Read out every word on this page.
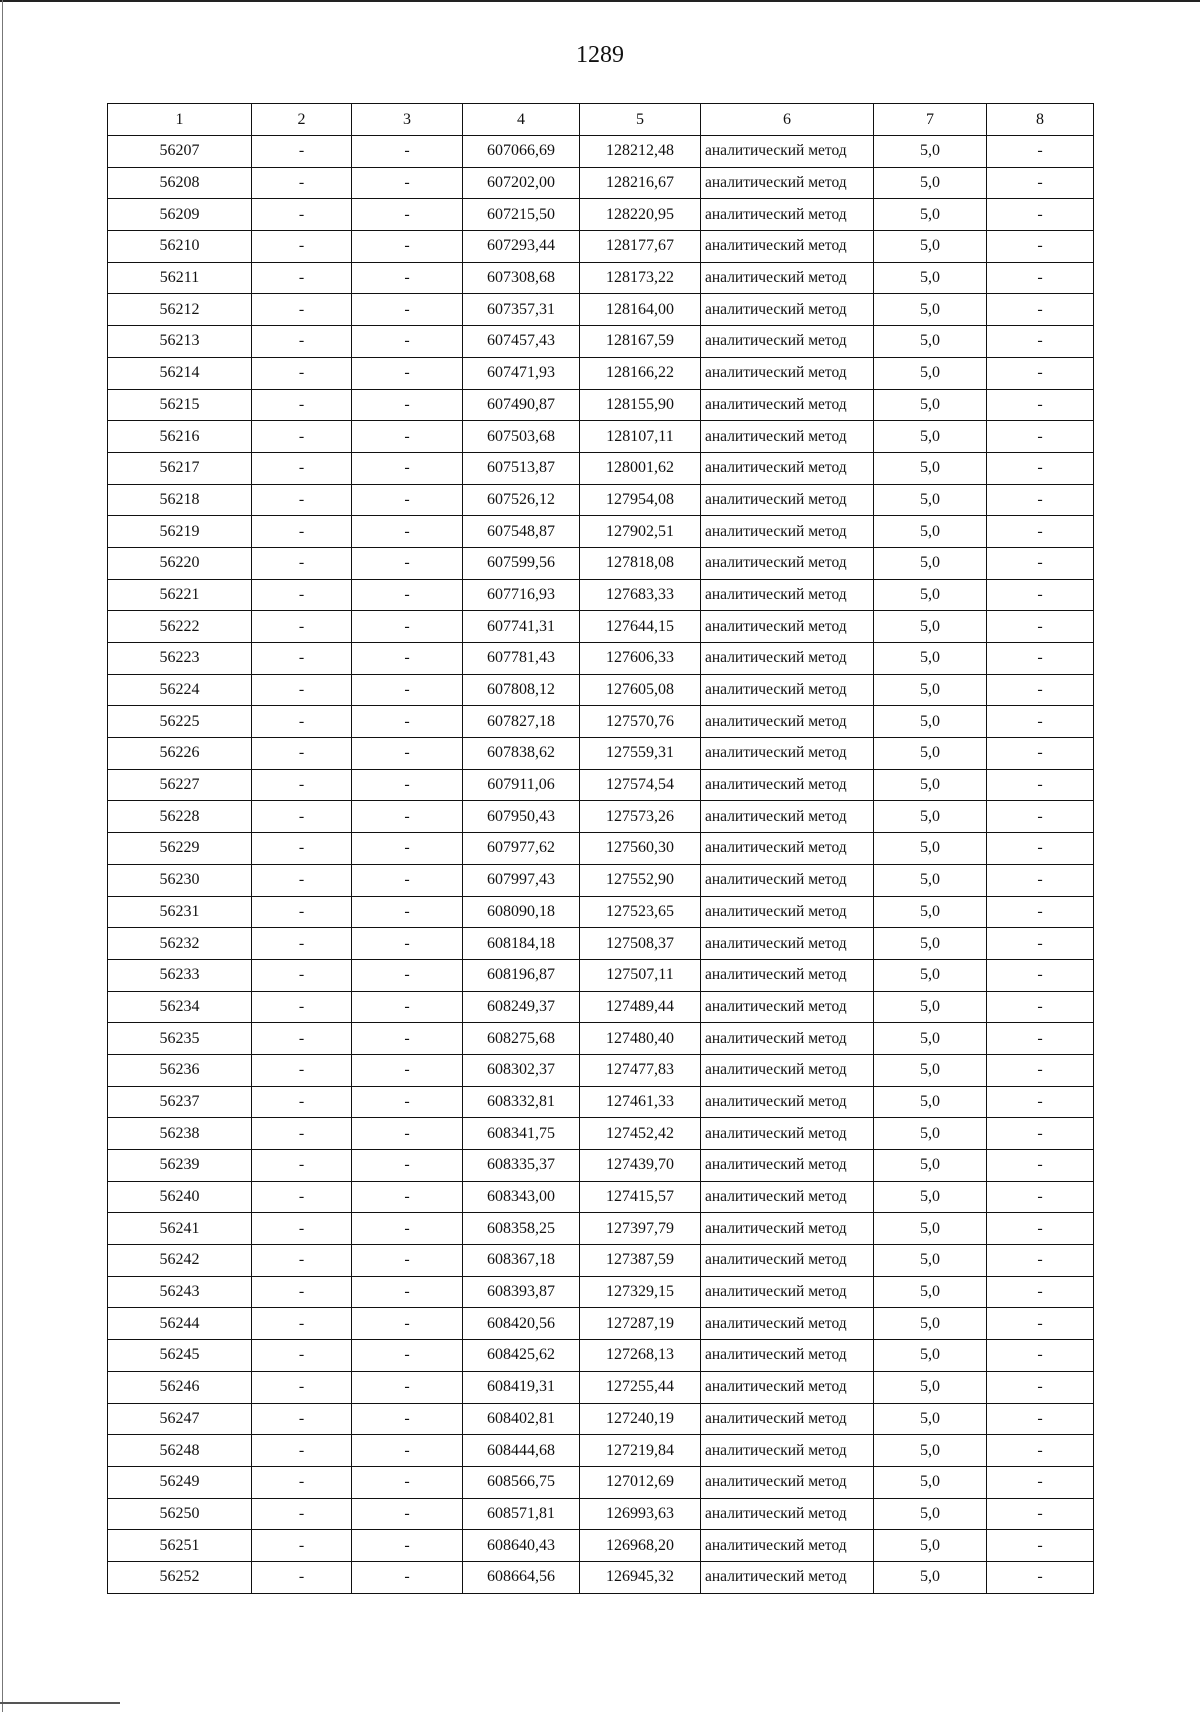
1289
1	2	3	4	5	6	7	8
56207	-	-	607066,69	128212,48	аналитический метод	5,0	-
56208	-	-	607202,00	128216,67	аналитический метод	5,0	-
56209	-	-	607215,50	128220,95	аналитический метод	5,0	-
56210	-	-	607293,44	128177,67	аналитический метод	5,0	-
56211	-	-	607308,68	128173,22	аналитический метод	5,0	-
56212	-	-	607357,31	128164,00	аналитический метод	5,0	-
56213	-	-	607457,43	128167,59	аналитический метод	5,0	-
56214	-	-	607471,93	128166,22	аналитический метод	5,0	-
56215	-	-	607490,87	128155,90	аналитический метод	5,0	-
56216	-	-	607503,68	128107,11	аналитический метод	5,0	-
56217	-	-	607513,87	128001,62	аналитический метод	5,0	-
56218	-	-	607526,12	127954,08	аналитический метод	5,0	-
56219	-	-	607548,87	127902,51	аналитический метод	5,0	-
56220	-	-	607599,56	127818,08	аналитический метод	5,0	-
56221	-	-	607716,93	127683,33	аналитический метод	5,0	-
56222	-	-	607741,31	127644,15	аналитический метод	5,0	-
56223	-	-	607781,43	127606,33	аналитический метод	5,0	-
56224	-	-	607808,12	127605,08	аналитический метод	5,0	-
56225	-	-	607827,18	127570,76	аналитический метод	5,0	-
56226	-	-	607838,62	127559,31	аналитический метод	5,0	-
56227	-	-	607911,06	127574,54	аналитический метод	5,0	-
56228	-	-	607950,43	127573,26	аналитический метод	5,0	-
56229	-	-	607977,62	127560,30	аналитический метод	5,0	-
56230	-	-	607997,43	127552,90	аналитический метод	5,0	-
56231	-	-	608090,18	127523,65	аналитический метод	5,0	-
56232	-	-	608184,18	127508,37	аналитический метод	5,0	-
56233	-	-	608196,87	127507,11	аналитический метод	5,0	-
56234	-	-	608249,37	127489,44	аналитический метод	5,0	-
56235	-	-	608275,68	127480,40	аналитический метод	5,0	-
56236	-	-	608302,37	127477,83	аналитический метод	5,0	-
56237	-	-	608332,81	127461,33	аналитический метод	5,0	-
56238	-	-	608341,75	127452,42	аналитический метод	5,0	-
56239	-	-	608335,37	127439,70	аналитический метод	5,0	-
56240	-	-	608343,00	127415,57	аналитический метод	5,0	-
56241	-	-	608358,25	127397,79	аналитический метод	5,0	-
56242	-	-	608367,18	127387,59	аналитический метод	5,0	-
56243	-	-	608393,87	127329,15	аналитический метод	5,0	-
56244	-	-	608420,56	127287,19	аналитический метод	5,0	-
56245	-	-	608425,62	127268,13	аналитический метод	5,0	-
56246	-	-	608419,31	127255,44	аналитический метод	5,0	-
56247	-	-	608402,81	127240,19	аналитический метод	5,0	-
56248	-	-	608444,68	127219,84	аналитический метод	5,0	-
56249	-	-	608566,75	127012,69	аналитический метод	5,0	-
56250	-	-	608571,81	126993,63	аналитический метод	5,0	-
56251	-	-	608640,43	126968,20	аналитический метод	5,0	-
56252	-	-	608664,56	126945,32	аналитический метод	5,0	-
